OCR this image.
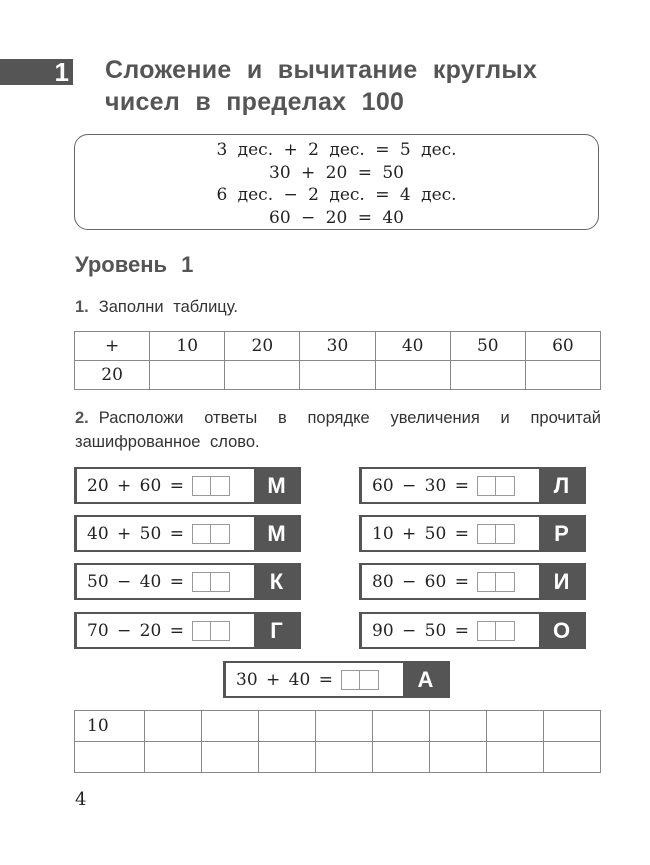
1 Сложение и вычитание круглых чисел в пределах 100
3 дес. + 2 дес. = 5 дес.
30 + 20 = 50
6 дес. − 2 дес. = 4 дес.
60 − 20 = 40
Уровень 1
1. Заполни таблицу.
+	10	20	30	40	50	60
20						
2. Расположи ответы в порядке увеличения и прочитай зашифрованное слово.
20 + 60 =	М
40 + 50 =	М
50 − 40 =	К
70 − 20 =	Г
60 − 30 =	Л
10 + 50 =	Р
80 − 60 =	И
90 − 50 =	О
30 + 40 =	А
10								

4
